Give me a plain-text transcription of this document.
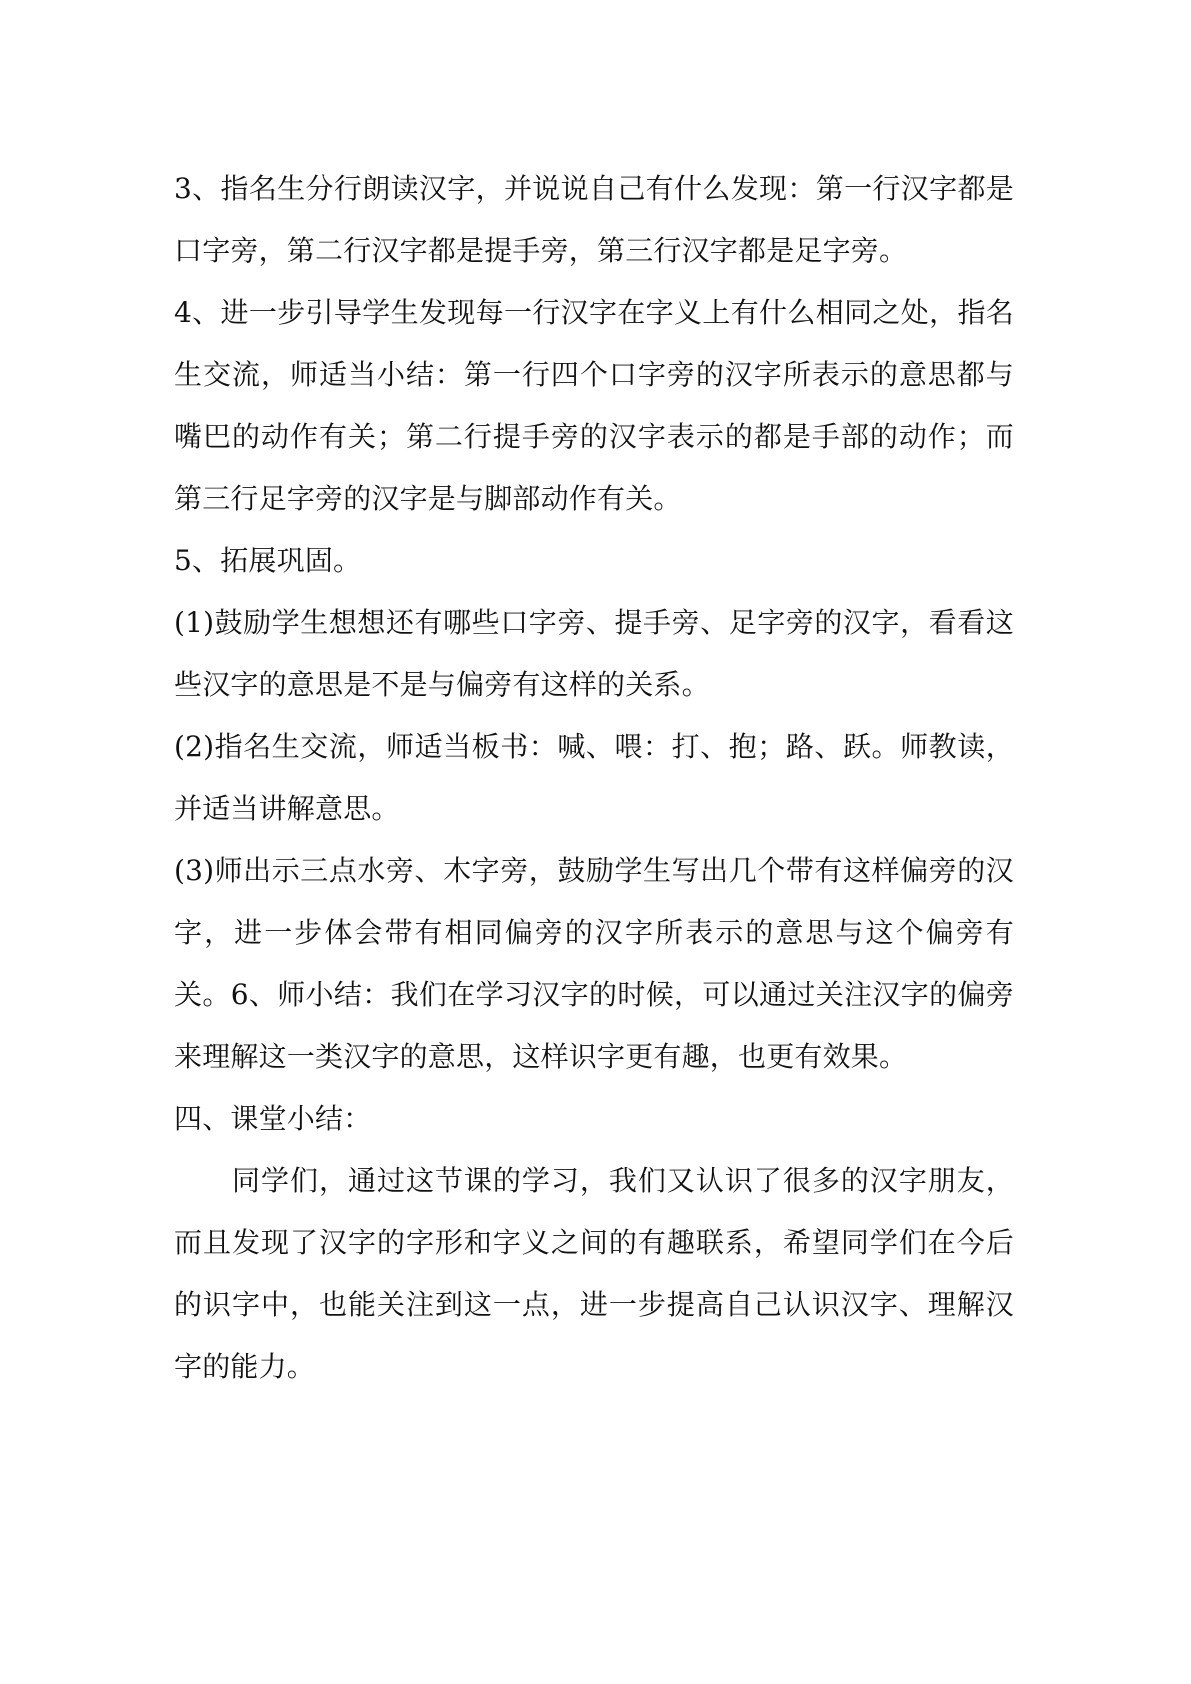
3、指名生分行朗读汉字，并说说自己有什么发现：第一行汉字都是
口字旁，第二行汉字都是提手旁，第三行汉字都是足字旁。
4、进一步引导学生发现每一行汉字在字义上有什么相同之处，指名
生交流，师适当小结：第一行四个口字旁的汉字所表示的意思都与
嘴巴的动作有关；第二行提手旁的汉字表示的都是手部的动作；而
第三行足字旁的汉字是与脚部动作有关。
5、拓展巩固。
(1)鼓励学生想想还有哪些口字旁、提手旁、足字旁的汉字，看看这
些汉字的意思是不是与偏旁有这样的关系。
(2)指名生交流，师适当板书：喊、喂：打、抱；路、跃。师教读，
并适当讲解意思。
(3)师出示三点水旁、木字旁，鼓励学生写出几个带有这样偏旁的汉
字，进一步体会带有相同偏旁的汉字所表示的意思与这个偏旁有
关。6、师小结：我们在学习汉字的时候，可以通过关注汉字的偏旁
来理解这一类汉字的意思，这样识字更有趣，也更有效果。
四、课堂小结：
同学们，通过这节课的学习，我们又认识了很多的汉字朋友，
而且发现了汉字的字形和字义之间的有趣联系，希望同学们在今后
的识字中，也能关注到这一点，进一步提高自己认识汉字、理解汉
字的能力。
